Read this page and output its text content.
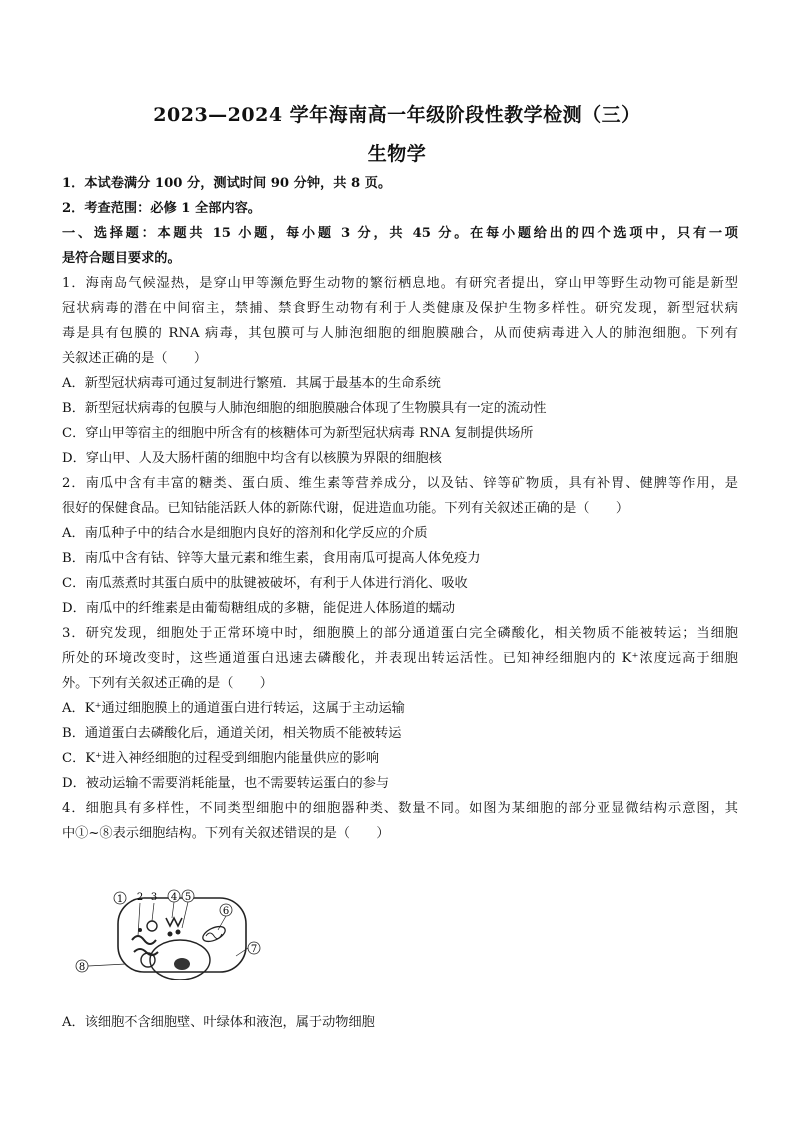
2023—2024 学年海南高一年级阶段性教学检测（三）
生物学
1．本试卷满分 100 分，测试时间 90 分钟，共 8 页。
2．考查范围：必修 1 全部内容。
一、选择题：本题共 15 小题，每小题 3 分，共 45 分。在每小题给出的四个选项中，只有一项
是符合题目要求的。
1．海南岛气候湿热，是穿山甲等濒危野生动物的繁衍栖息地。有研究者提出，穿山甲等野生动物可能是新型
冠状病毒的潜在中间宿主，禁捕、禁食野生动物有利于人类健康及保护生物多样性。研究发现，新型冠状病
毒是具有包膜的 RNA 病毒，其包膜可与人肺泡细胞的细胞膜融合，从而使病毒进入人的肺泡细胞。下列有
关叙述正确的是（　　）
A．新型冠状病毒可通过复制进行繁殖．其属于最基本的生命系统
B．新型冠状病毒的包膜与人肺泡细胞的细胞膜融合体现了生物膜具有一定的流动性
C．穿山甲等宿主的细胞中所含有的核糖体可为新型冠状病毒 RNA 复制提供场所
D．穿山甲、人及大肠杆菌的细胞中均含有以核膜为界限的细胞核
2．南瓜中含有丰富的糖类、蛋白质、维生素等营养成分，以及钴、锌等矿物质，具有补胃、健脾等作用，是
很好的保健食品。已知钴能活跃人体的新陈代谢，促进造血功能。下列有关叙述正确的是（　　）
A．南瓜种子中的结合水是细胞内良好的溶剂和化学反应的介质
B．南瓜中含有钴、锌等大量元素和维生素，食用南瓜可提高人体免疫力
C．南瓜蒸煮时其蛋白质中的肽键被破坏，有利于人体进行消化、吸收
D．南瓜中的纤维素是由葡萄糖组成的多糖，能促进人体肠道的蠕动
3．研究发现，细胞处于正常环境中时，细胞膜上的部分通道蛋白完全磷酸化，相关物质不能被转运；当细胞
所处的环境改变时，这些通道蛋白迅速去磷酸化，并表现出转运活性。已知神经细胞内的 K⁺浓度远高于细胞
外。下列有关叙述正确的是（　　）
A．K⁺通过细胞膜上的通道蛋白进行转运，这属于主动运输
B．通道蛋白去磷酸化后，通道关闭，相关物质不能被转运
C．K⁺进入神经细胞的过程受到细胞内能量供应的影响
D．被动运输不需要消耗能量，也不需要转运蛋白的参与
4．细胞具有多样性，不同类型细胞中的细胞器种类、数量不同。如图为某细胞的部分亚显微结构示意图，其
中①~⑧表示细胞结构。下列有关叙述错误的是（　　）
1 2 3 4 5
6
7
8
A．该细胞不含细胞壁、叶绿体和液泡，属于动物细胞
